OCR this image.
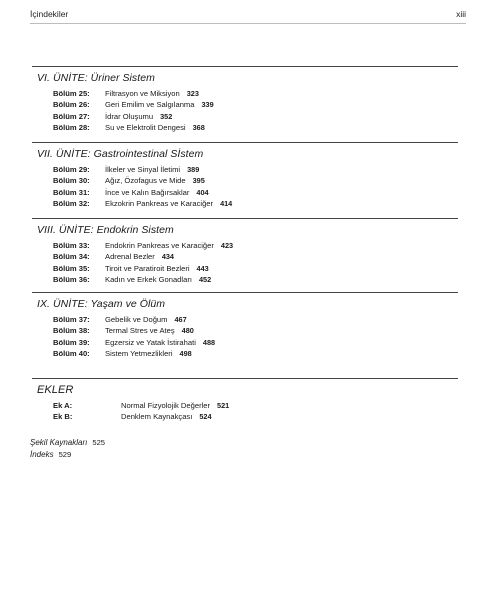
İçindekiler	xiii
VI. ÜNİTE: Üriner Sistem
Bölüm 25:	Filtrasyon ve Miksiyon 323
Bölüm 26:	Geri Emilim ve Salgılanma 339
Bölüm 27:	İdrar Oluşumu 352
Bölüm 28:	Su ve Elektrolit Dengesi 368
VII. ÜNİTE: Gastrointestinal Sİstem
Bölüm 29:	İlkeler ve Sinyal İletimi 389
Bölüm 30:	Ağız, Özofagus ve Mide 395
Bölüm 31:	İnce ve Kalın Bağırsaklar 404
Bölüm 32:	Ekzokrin Pankreas ve Karaciğer 414
VIII. ÜNİTE: Endokrin Sistem
Bölüm 33:	Endokrin Pankreas ve Karaciğer 423
Bölüm 34:	Adrenal Bezler 434
Bölüm 35:	Tiroit ve Paratiroit Bezleri 443
Bölüm 36:	Kadın ve Erkek Gonadları 452
IX. ÜNİTE: Yaşam ve Ölüm
Bölüm 37:	Gebelik ve Doğum 467
Bölüm 38:	Termal Stres ve Ateş 480
Bölüm 39:	Egzersiz ve Yatak İstirahati 488
Bölüm 40:	Sistem Yetmezlikleri 498
EKLER
Ek A:	Normal Fizyolojik Değerler 521
Ek B:	Denklem Kaynakçası 524
Şekil Kaynakları 525
İndeks 529
